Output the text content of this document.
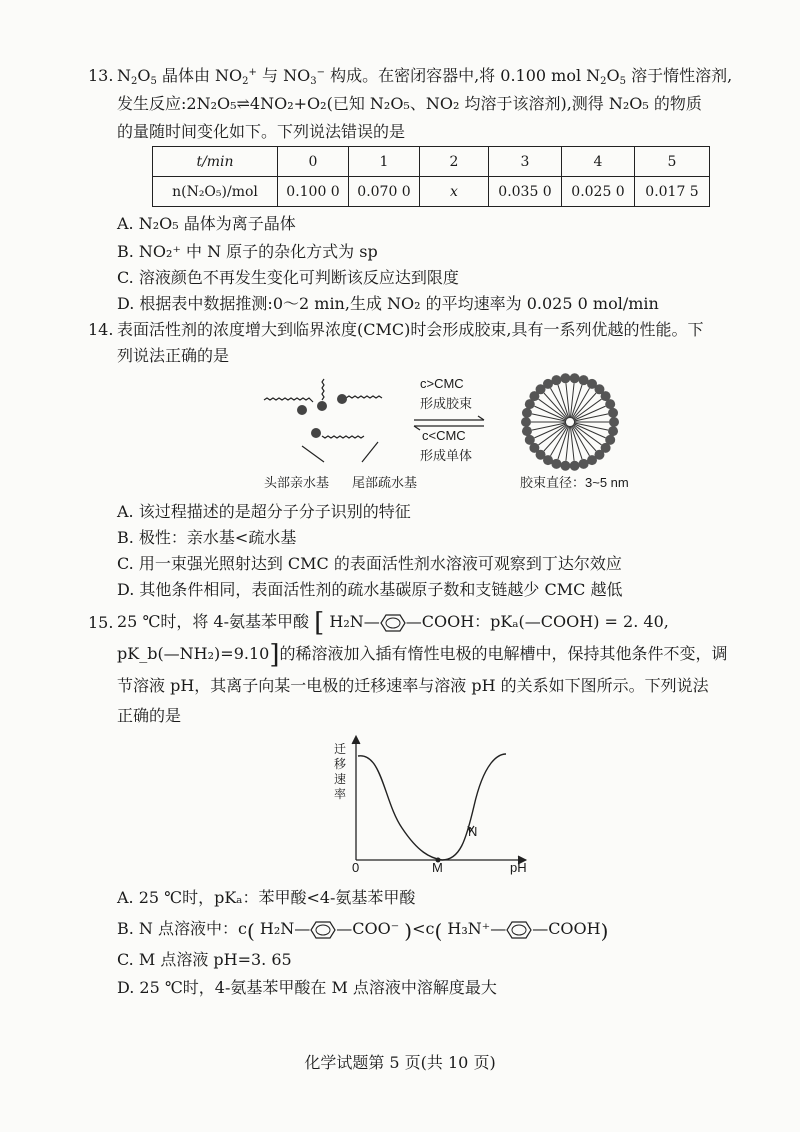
13. $N_2O_5$ 晶体由 $NO_2^+$ 与 $NO_3^-$ 构成。在密闭容器中,将 0.100 mol $N_2O_5$ 溶于惰性溶剂,
发生反应:2N₂O₅⇌4NO₂+O₂(已知 N₂O₅、NO₂ 均溶于该溶剂),测得 N₂O₅ 的物质
的量随时间变化如下。下列说法错误的是
t/min	0	1	2	3	4	5
n(N₂O₅)/mol	0.100 0	0.070 0	x	0.035 0	0.025 0	0.017 5
A. N₂O₅ 晶体为离子晶体
B. NO₂⁺ 中 N 原子的杂化方式为 sp
C. 溶液颜色不再发生变化可判断该反应达到限度
D. 根据表中数据推测:0～2 min,生成 NO₂ 的平均速率为 0.025 0 mol/min
14. 表面活性剂的浓度增大到临界浓度(CMC)时会形成胶束,具有一系列优越的性能。下
列说法正确的是
c>CMC
形成胶束
c<CMC
形成单体
头部亲水基 尾部疏水基	胶束直径：3~5 nm
A. 该过程描述的是超分子分子识别的特征
B. 极性：亲水基<疏水基
C. 用一束强光照射达到 CMC 的表面活性剂水溶液可观察到丁达尔效应
D. 其他条件相同，表面活性剂的疏水基碳原子数和支链越少 CMC 越低
15. 25 ℃时，将 4-氨基苯甲酸 [ H₂N— —COOH：pKₐ(—COOH) = 2. 40,
pK_b(—NH₂)=9.10]的稀溶液加入插有惰性电极的电解槽中，保持其他条件不变，调
节溶液 pH，其离子向某一电极的迁移速率与溶液 pH 的关系如下图所示。下列说法
正确的是
迁移速率
0	M
N
pH
A. 25 ℃时，pKₐ：苯甲酸<4-氨基苯甲酸
B. N 点溶液中：c( H₂N— —COO⁻ )<c( H₃N⁺— —COOH)
C. M 点溶液 pH=3. 65
D. 25 ℃时，4-氨基苯甲酸在 M 点溶液中溶解度最大
化学试题第 5 页(共 10 页)
